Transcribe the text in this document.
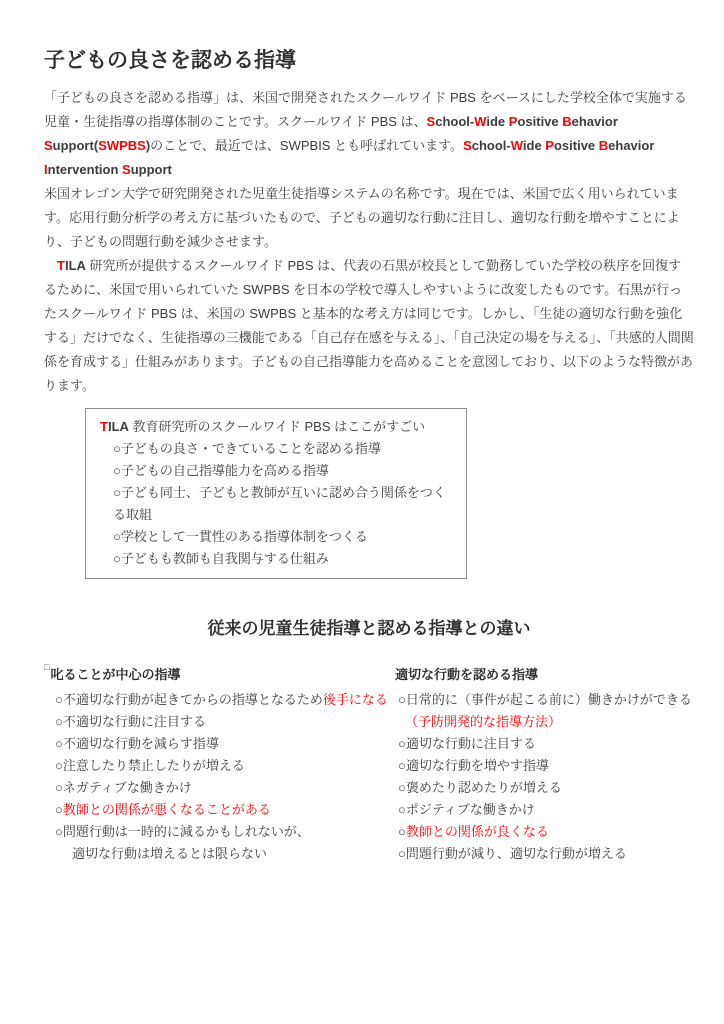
子どもの良さを認める指導
「子どもの良さを認める指導」は、米国で開発されたスクールワイド PBS をベースにした学校全体で実施する児童・生徒指導の指導体制のことです。スクールワイド PBS は、School-Wide Positive Behavior Support(SWPBS)のことで、最近では、SWPBIS とも呼ばれています。School-Wide Positive Behavior Intervention Support
米国オレゴン大学で研究開発された児童生徒指導システムの名称です。現在では、米国で広く用いられています。応用行動分析学の考え方に基づいたもので、子どもの適切な行動に注目し、適切な行動を増やすことにより、子どもの問題行動を減少させます。
　TILA 研究所が提供するスクールワイド PBS は、代表の石黒が校長として勤務していた学校の秩序を回復するために、米国で用いられていた SWPBS を日本の学校で導入しやすいように改変したものです。石黒が行ったスクールワイド PBS は、米国の SWPBS と基本的な考え方は同じです。しかし、「生徒の適切な行動を強化する」だけでなく、生徒指導の三機能である「自己存在感を与える」、「自己決定の場を与える」、「共感的人間関係を育成する」仕組みがあります。子どもの自己指導能力を高めることを意図しており、以下のような特徴があります。
TILA 教育研究所のスクールワイド PBS はここがすごい
○子どもの良さ・できていることを認める指導
○子どもの自己指導能力を高める指導
○子ども同士、子どもと教師が互いに認め合う関係をつくる取組
○学校として一貫性のある指導体制をつくる
○子どもも教師も自我関与する仕組み
従来の児童生徒指導と認める指導との違い
□叱ることが中心の指導
○不適切な行動が起きてからの指導となるため後手になる
○不適切な行動に注目する
○不適切な行動を減らす指導
○注意したり禁止したりが増える
○ネガティブな働きかけ
○教師との関係が悪くなることがある
○問題行動は一時的に減るかもしれないが、
適切な行動は増えるとは限らない
適切な行動を認める指導
○日常的に（事件が起こる前に）働きかけができる
（予防開発的な指導方法）
○適切な行動に注目する
○適切な行動を増やす指導
○褒めたり認めたりが増える
○ポジティブな働きかけ
○教師との関係が良くなる
○問題行動が減り、適切な行動が増える
